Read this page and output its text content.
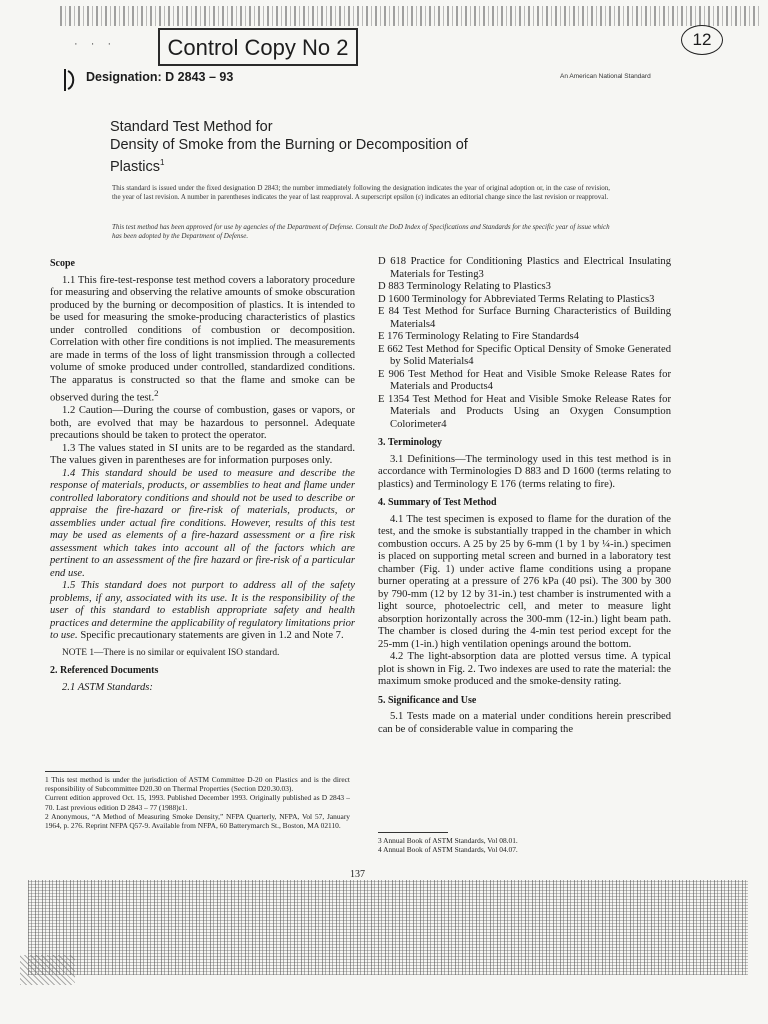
· · ·	Control Copy No 2	12
Designation: D 2843 – 93	An American National Standard
Standard Test Method for
Density of Smoke from the Burning or Decomposition of
Plastics$^1$
This standard is issued under the fixed designation D 2843; the number immediately following the designation indicates the year of original adoption or, in the case of revision, the year of last revision. A number in parentheses indicates the year of last reapproval. A superscript epsilon (ε) indicates an editorial change since the last revision or reapproval.
This test method has been approved for use by agencies of the Department of Defense. Consult the DoD Index of Specifications and Standards for the specific year of issue which has been adopted by the Department of Defense.

Scope

1.1 This fire-test-response test method covers a laboratory procedure for measuring and observing the relative amounts of smoke obscuration produced by the burning or decomposition of plastics. It is intended to be used for measuring the smoke-producing characteristics of plastics under controlled conditions of combustion or decomposition. Correlation with other fire conditions is not implied. The measurements are made in terms of the loss of light transmission through a collected volume of smoke produced under controlled, standardized conditions. The apparatus is constructed so that the flame and smoke can be observed during the test.$^2$

1.2 Caution—During the course of combustion, gases or vapors, or both, are evolved that may be hazardous to personnel. Adequate precautions should be taken to protect the operator.

1.3 The values stated in SI units are to be regarded as the standard. The values given in parentheses are for information purposes only.

1.4 This standard should be used to measure and describe the response of materials, products, or assemblies to heat and flame under controlled laboratory conditions and should not be used to describe or appraise the fire-hazard or fire-risk of materials, products, or assemblies under actual fire conditions. However, results of this test may be used as elements of a fire-hazard assessment or a fire risk assessment which takes into account all of the factors which are pertinent to an assessment of the fire hazard or fire-risk of a particular end use.

1.5 This standard does not purport to address all of the safety problems, if any, associated with its use. It is the responsibility of the user of this standard to establish appropriate safety and health practices and determine the applicability of regulatory limitations prior to use. Specific precautionary statements are given in 1.2 and Note 7.

NOTE 1—There is no similar or equivalent ISO standard.

2. Referenced Documents

2.1 ASTM Standards:

1 This test method is under the jurisdiction of ASTM Committee D-20 on Plastics and is the direct responsibility of Subcommittee D20.30 on Thermal Properties (Section D20.30.03).

Current edition approved Oct. 15, 1993. Published December 1993. Originally published as D 2843 – 70. Last previous edition D 2843 – 77 (1988)ε1.

2 Anonymous, “A Method of Measuring Smoke Density,” NFPA Quarterly, NFPA, Vol 57, January 1964, p. 276. Reprint NFPA Q57-9. Available from NFPA, 60 Batterymarch St., Boston, MA 02110.

D 618 Practice for Conditioning Plastics and Electrical Insulating Materials for Testing3

D 883 Terminology Relating to Plastics3

D 1600 Terminology for Abbreviated Terms Relating to Plastics3

E 84 Test Method for Surface Burning Characteristics of Building Materials4

E 176 Terminology Relating to Fire Standards4

E 662 Test Method for Specific Optical Density of Smoke Generated by Solid Materials4

E 906 Test Method for Heat and Visible Smoke Release Rates for Materials and Products4

E 1354 Test Method for Heat and Visible Smoke Release Rates for Materials and Products Using an Oxygen Consumption Colorimeter4

3. Terminology

3.1 Definitions—The terminology used in this test method is in accordance with Terminologies D 883 and D 1600 (terms relating to plastics) and Terminology E 176 (terms relating to fire).

4. Summary of Test Method

4.1 The test specimen is exposed to flame for the duration of the test, and the smoke is substantially trapped in the chamber in which combustion occurs. A 25 by 25 by 6-mm (1 by 1 by ¼-in.) specimen is placed on supporting metal screen and burned in a laboratory test chamber (Fig. 1) under active flame conditions using a propane burner operating at a pressure of 276 kPa (40 psi). The 300 by 300 by 790-mm (12 by 12 by 31-in.) test chamber is instrumented with a light source, photoelectric cell, and meter to measure light absorption horizontally across the 300-mm (12-in.) light beam path. The chamber is closed during the 4-min test period except for the 25-mm (1-in.) high ventilation openings around the bottom.

4.2 The light-absorption data are plotted versus time. A typical plot is shown in Fig. 2. Two indexes are used to rate the material: the maximum smoke produced and the smoke-density rating.

5. Significance and Use

5.1 Tests made on a material under conditions herein prescribed can be of considerable value in comparing the

3 Annual Book of ASTM Standards, Vol 08.01.

4 Annual Book of ASTM Standards, Vol 04.07.

137
